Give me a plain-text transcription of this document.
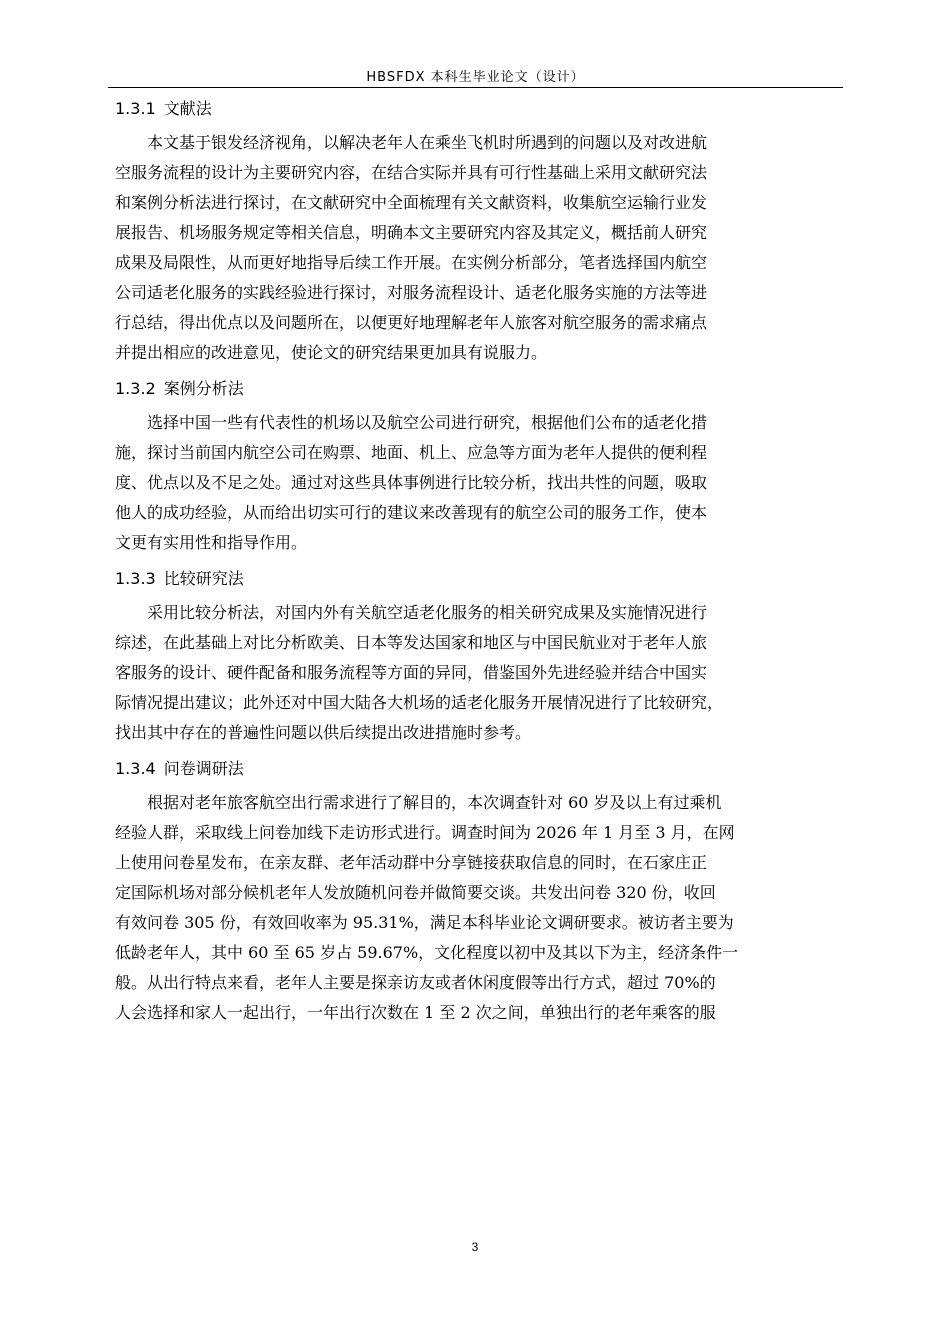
HBSFDX 本科生毕业论文（设计）
1.3.1 文献法
本文基于银发经济视角，以解决老年人在乘坐飞机时所遇到的问题以及对改进航
空服务流程的设计为主要研究内容，在结合实际并具有可行性基础上采用文献研究法
和案例分析法进行探讨，在文献研究中全面梳理有关文献资料，收集航空运输行业发
展报告、机场服务规定等相关信息，明确本文主要研究内容及其定义，概括前人研究
成果及局限性，从而更好地指导后续工作开展。在实例分析部分，笔者选择国内航空
公司适老化服务的实践经验进行探讨，对服务流程设计、适老化服务实施的方法等进
行总结，得出优点以及问题所在，以便更好地理解老年人旅客对航空服务的需求痛点
并提出相应的改进意见，使论文的研究结果更加具有说服力。
1.3.2 案例分析法
选择中国一些有代表性的机场以及航空公司进行研究，根据他们公布的适老化措
施，探讨当前国内航空公司在购票、地面、机上、应急等方面为老年人提供的便利程
度、优点以及不足之处。通过对这些具体事例进行比较分析，找出共性的问题，吸取
他人的成功经验，从而给出切实可行的建议来改善现有的航空公司的服务工作，使本
文更有实用性和指导作用。
1.3.3 比较研究法
采用比较分析法，对国内外有关航空适老化服务的相关研究成果及实施情况进行
综述，在此基础上对比分析欧美、日本等发达国家和地区与中国民航业对于老年人旅
客服务的设计、硬件配备和服务流程等方面的异同，借鉴国外先进经验并结合中国实
际情况提出建议；此外还对中国大陆各大机场的适老化服务开展情况进行了比较研究，
找出其中存在的普遍性问题以供后续提出改进措施时参考。
1.3.4 问卷调研法
根据对老年旅客航空出行需求进行了解目的，本次调查针对 60 岁及以上有过乘机
经验人群，采取线上问卷加线下走访形式进行。调查时间为 2026 年 1 月至 3 月，在网
上使用问卷星发布，在亲友群、老年活动群中分享链接获取信息的同时，在石家庄正
定国际机场对部分候机老年人发放随机问卷并做简要交谈。共发出问卷 320 份，收回
有效问卷 305 份，有效回收率为 95.31%，满足本科毕业论文调研要求。被访者主要为
低龄老年人，其中 60 至 65 岁占 59.67%，文化程度以初中及其以下为主，经济条件一
般。从出行特点来看，老年人主要是探亲访友或者休闲度假等出行方式，超过 70%的
人会选择和家人一起出行，一年出行次数在 1 至 2 次之间，单独出行的老年乘客的服
3
